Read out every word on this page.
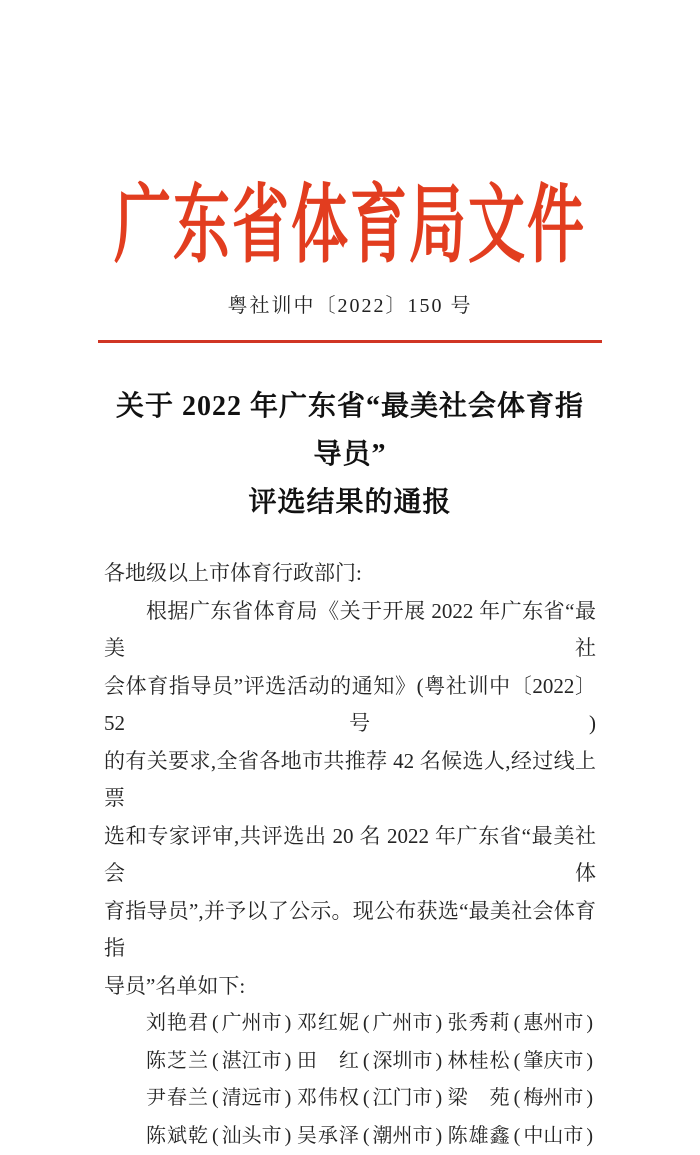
广东省体育局文件
粤社训中〔2022〕150 号
关于 2022 年广东省“最美社会体育指导员”
评选结果的通报
各地级以上市体育行政部门:
根据广东省体育局《关于开展 2022 年广东省“最美社
会体育指导员”评选活动的通知》(粤社训中〔2022〕52 号)
的有关要求,全省各地市共推荐 42 名候选人,经过线上票
选和专家评审,共评选出 20 名 2022 年广东省“最美社会体
育指导员”,并予以了公示。现公布获选“最美社会体育指
导员”名单如下:
刘艳君 ( 广州市 ) 邓红妮 ( 广州市 ) 张秀莉 ( 惠州市 )
陈芝兰 ( 湛江市 ) 田　红 ( 深圳市 ) 林桂松 ( 肇庆市 )
尹春兰 ( 清远市 ) 邓伟权 ( 江门市 ) 梁　苑 ( 梅州市 )
陈斌乾 ( 汕头市 ) 吴承泽 ( 潮州市 ) 陈雄鑫 ( 中山市 )
